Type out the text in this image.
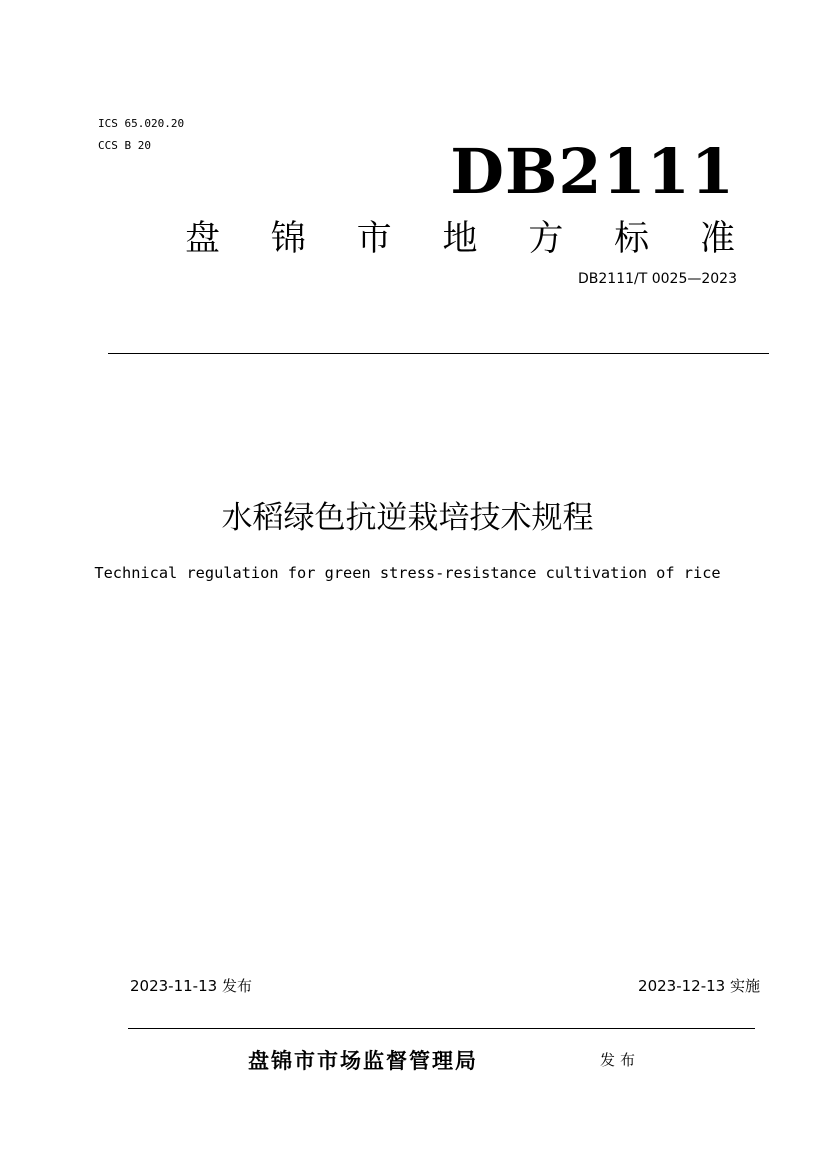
ICS 65.020.20

CCS B 20	DB2111
盘 锦 市 地 方 标 准
DB2111/T 0025—2023
水稻绿色抗逆栽培技术规程

Technical regulation for green stress-resistance cultivation of rice

2023-11-13 发布	2023-12-13 实施
盘锦市市场监督管理局	发布
